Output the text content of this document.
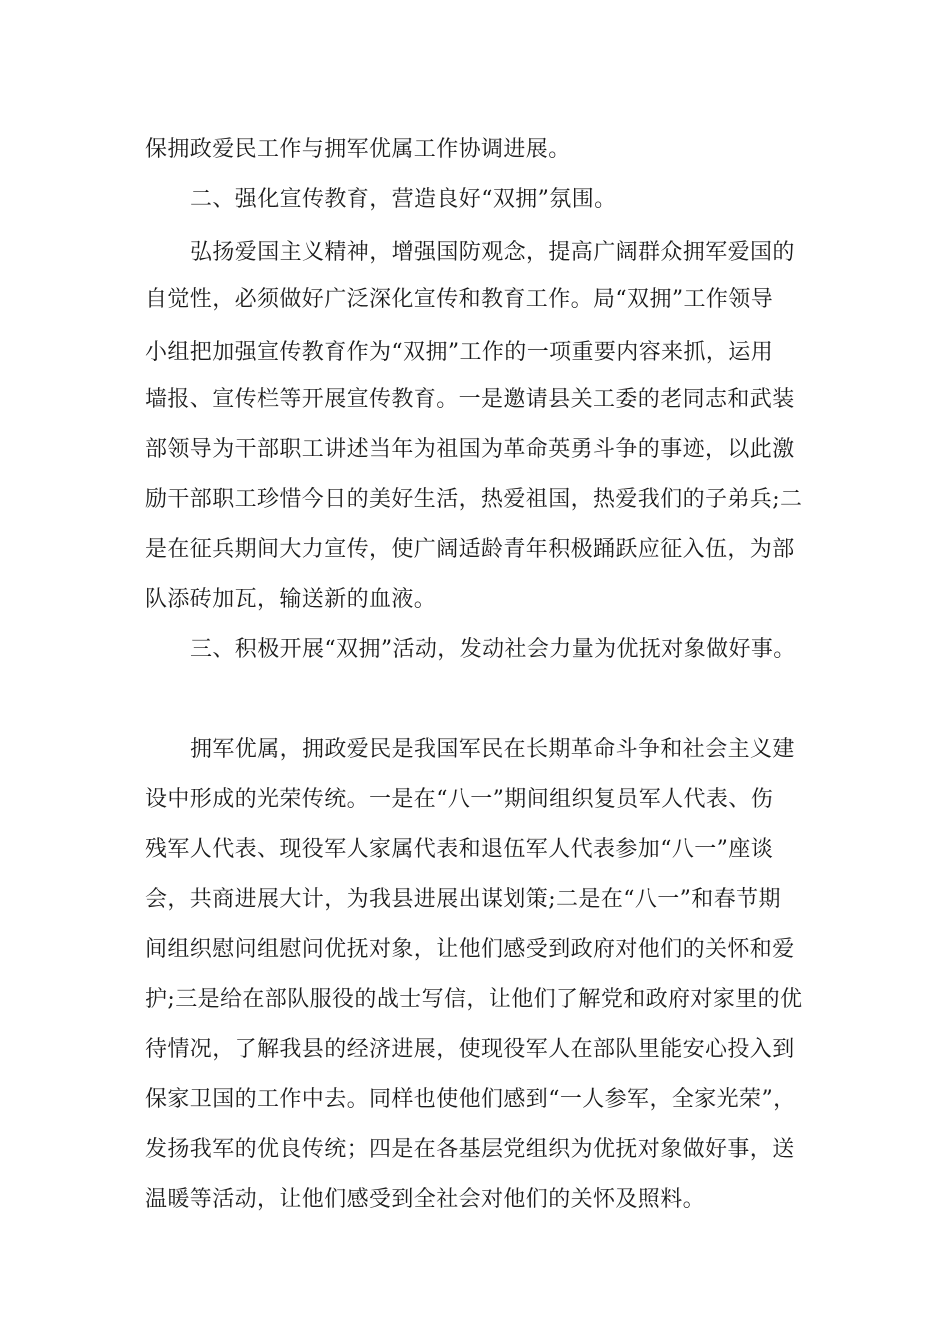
保拥政爱民工作与拥军优属工作协调进展。
二、强化宣传教育，营造良好“双拥”氛围。
弘扬爱国主义精神，增强国防观念，提高广阔群众拥军爱国的
自觉性，必须做好广泛深化宣传和教育工作。局“双拥”工作领导
小组把加强宣传教育作为“双拥”工作的一项重要内容来抓，运用
墙报、宣传栏等开展宣传教育。一是邀请县关工委的老同志和武装
部领导为干部职工讲述当年为祖国为革命英勇斗争的事迹，以此激
励干部职工珍惜今日的美好生活，热爱祖国，热爱我们的子弟兵;二
是在征兵期间大力宣传，使广阔适龄青年积极踊跃应征入伍，为部
队添砖加瓦，输送新的血液。
三、积极开展“双拥”活动，发动社会力量为优抚对象做好事。
拥军优属，拥政爱民是我国军民在长期革命斗争和社会主义建
设中形成的光荣传统。一是在“八一”期间组织复员军人代表、伤
残军人代表、现役军人家属代表和退伍军人代表参加“八一”座谈
会，共商进展大计，为我县进展出谋划策;二是在“八一”和春节期
间组织慰问组慰问优抚对象，让他们感受到政府对他们的关怀和爱
护;三是给在部队服役的战士写信，让他们了解党和政府对家里的优
待情况，了解我县的经济进展，使现役军人在部队里能安心投入到
保家卫国的工作中去。同样也使他们感到“一人参军，全家光荣”，
发扬我军的优良传统；四是在各基层党组织为优抚对象做好事，送
温暖等活动，让他们感受到全社会对他们的关怀及照料。
